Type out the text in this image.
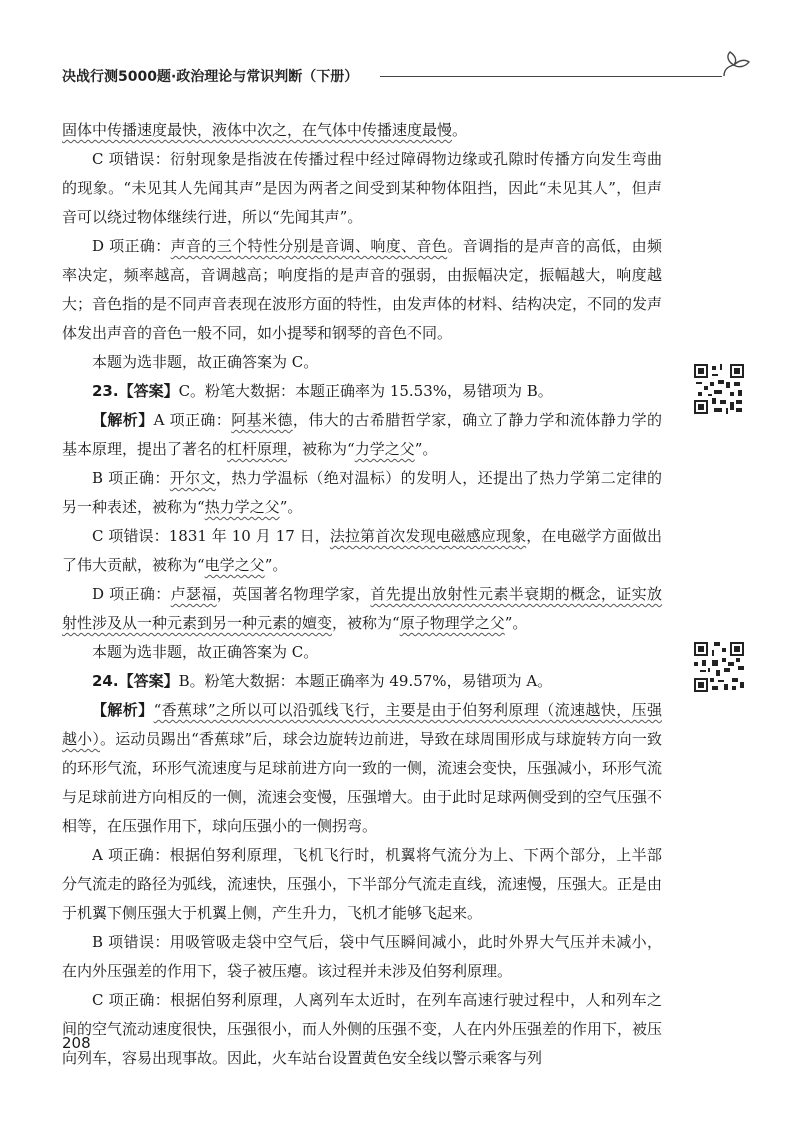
决战行测5000题·政治理论与常识判断（下册）

固体中传播速度最快，液体中次之，在气体中传播速度最慢。

C 项错误：衍射现象是指波在传播过程中经过障碍物边缘或孔隙时传播方向发生弯曲的现象。“未见其人先闻其声”是因为两者之间受到某种物体阻挡，因此“未见其人”，但声音可以绕过物体继续行进，所以“先闻其声”。

D 项正确：声音的三个特性分别是音调、响度、音色。音调指的是声音的高低，由频率决定，频率越高，音调越高；响度指的是声音的强弱，由振幅决定，振幅越大，响度越大；音色指的是不同声音表现在波形方面的特性，由发声体的材料、结构决定，不同的发声体发出声音的音色一般不同，如小提琴和钢琴的音色不同。

本题为选非题，故正确答案为 C。

23.【答案】C。粉笔大数据：本题正确率为 15.53%，易错项为 B。

【解析】A 项正确：阿基米德，伟大的古希腊哲学家，确立了静力学和流体静力学的基本原理，提出了著名的杠杆原理，被称为“力学之父”。

B 项正确：开尔文，热力学温标（绝对温标）的发明人，还提出了热力学第二定律的另一种表述，被称为“热力学之父”。

C 项错误：1831 年 10 月 17 日，法拉第首次发现电磁感应现象，在电磁学方面做出了伟大贡献，被称为“电学之父”。

D 项正确：卢瑟福，英国著名物理学家，首先提出放射性元素半衰期的概念，证实放射性涉及从一种元素到另一种元素的嬗变，被称为“原子物理学之父”。

本题为选非题，故正确答案为 C。

24.【答案】B。粉笔大数据：本题正确率为 49.57%，易错项为 A。

【解析】“香蕉球”之所以可以沿弧线飞行，主要是由于伯努利原理（流速越快，压强越小）。运动员踢出“香蕉球”后，球会边旋转边前进，导致在球周围形成与球旋转方向一致的环形气流，环形气流速度与足球前进方向一致的一侧，流速会变快，压强减小，环形气流与足球前进方向相反的一侧，流速会变慢，压强增大。由于此时足球两侧受到的空气压强不相等，在压强作用下，球向压强小的一侧拐弯。

A 项正确：根据伯努利原理，飞机飞行时，机翼将气流分为上、下两个部分，上半部分气流走的路径为弧线，流速快，压强小，下半部分气流走直线，流速慢，压强大。正是由于机翼下侧压强大于机翼上侧，产生升力，飞机才能够飞起来。

B 项错误：用吸管吸走袋中空气后，袋中气压瞬间减小，此时外界大气压并未减小，在内外压强差的作用下，袋子被压瘪。该过程并未涉及伯努利原理。

C 项正确：根据伯努利原理，人离列车太近时，在列车高速行驶过程中，人和列车之间的空气流动速度很快，压强很小，而人外侧的压强不变，人在内外压强差的作用下，被压向列车，容易出现事故。因此，火车站台设置黄色安全线以警示乘客与列

208
